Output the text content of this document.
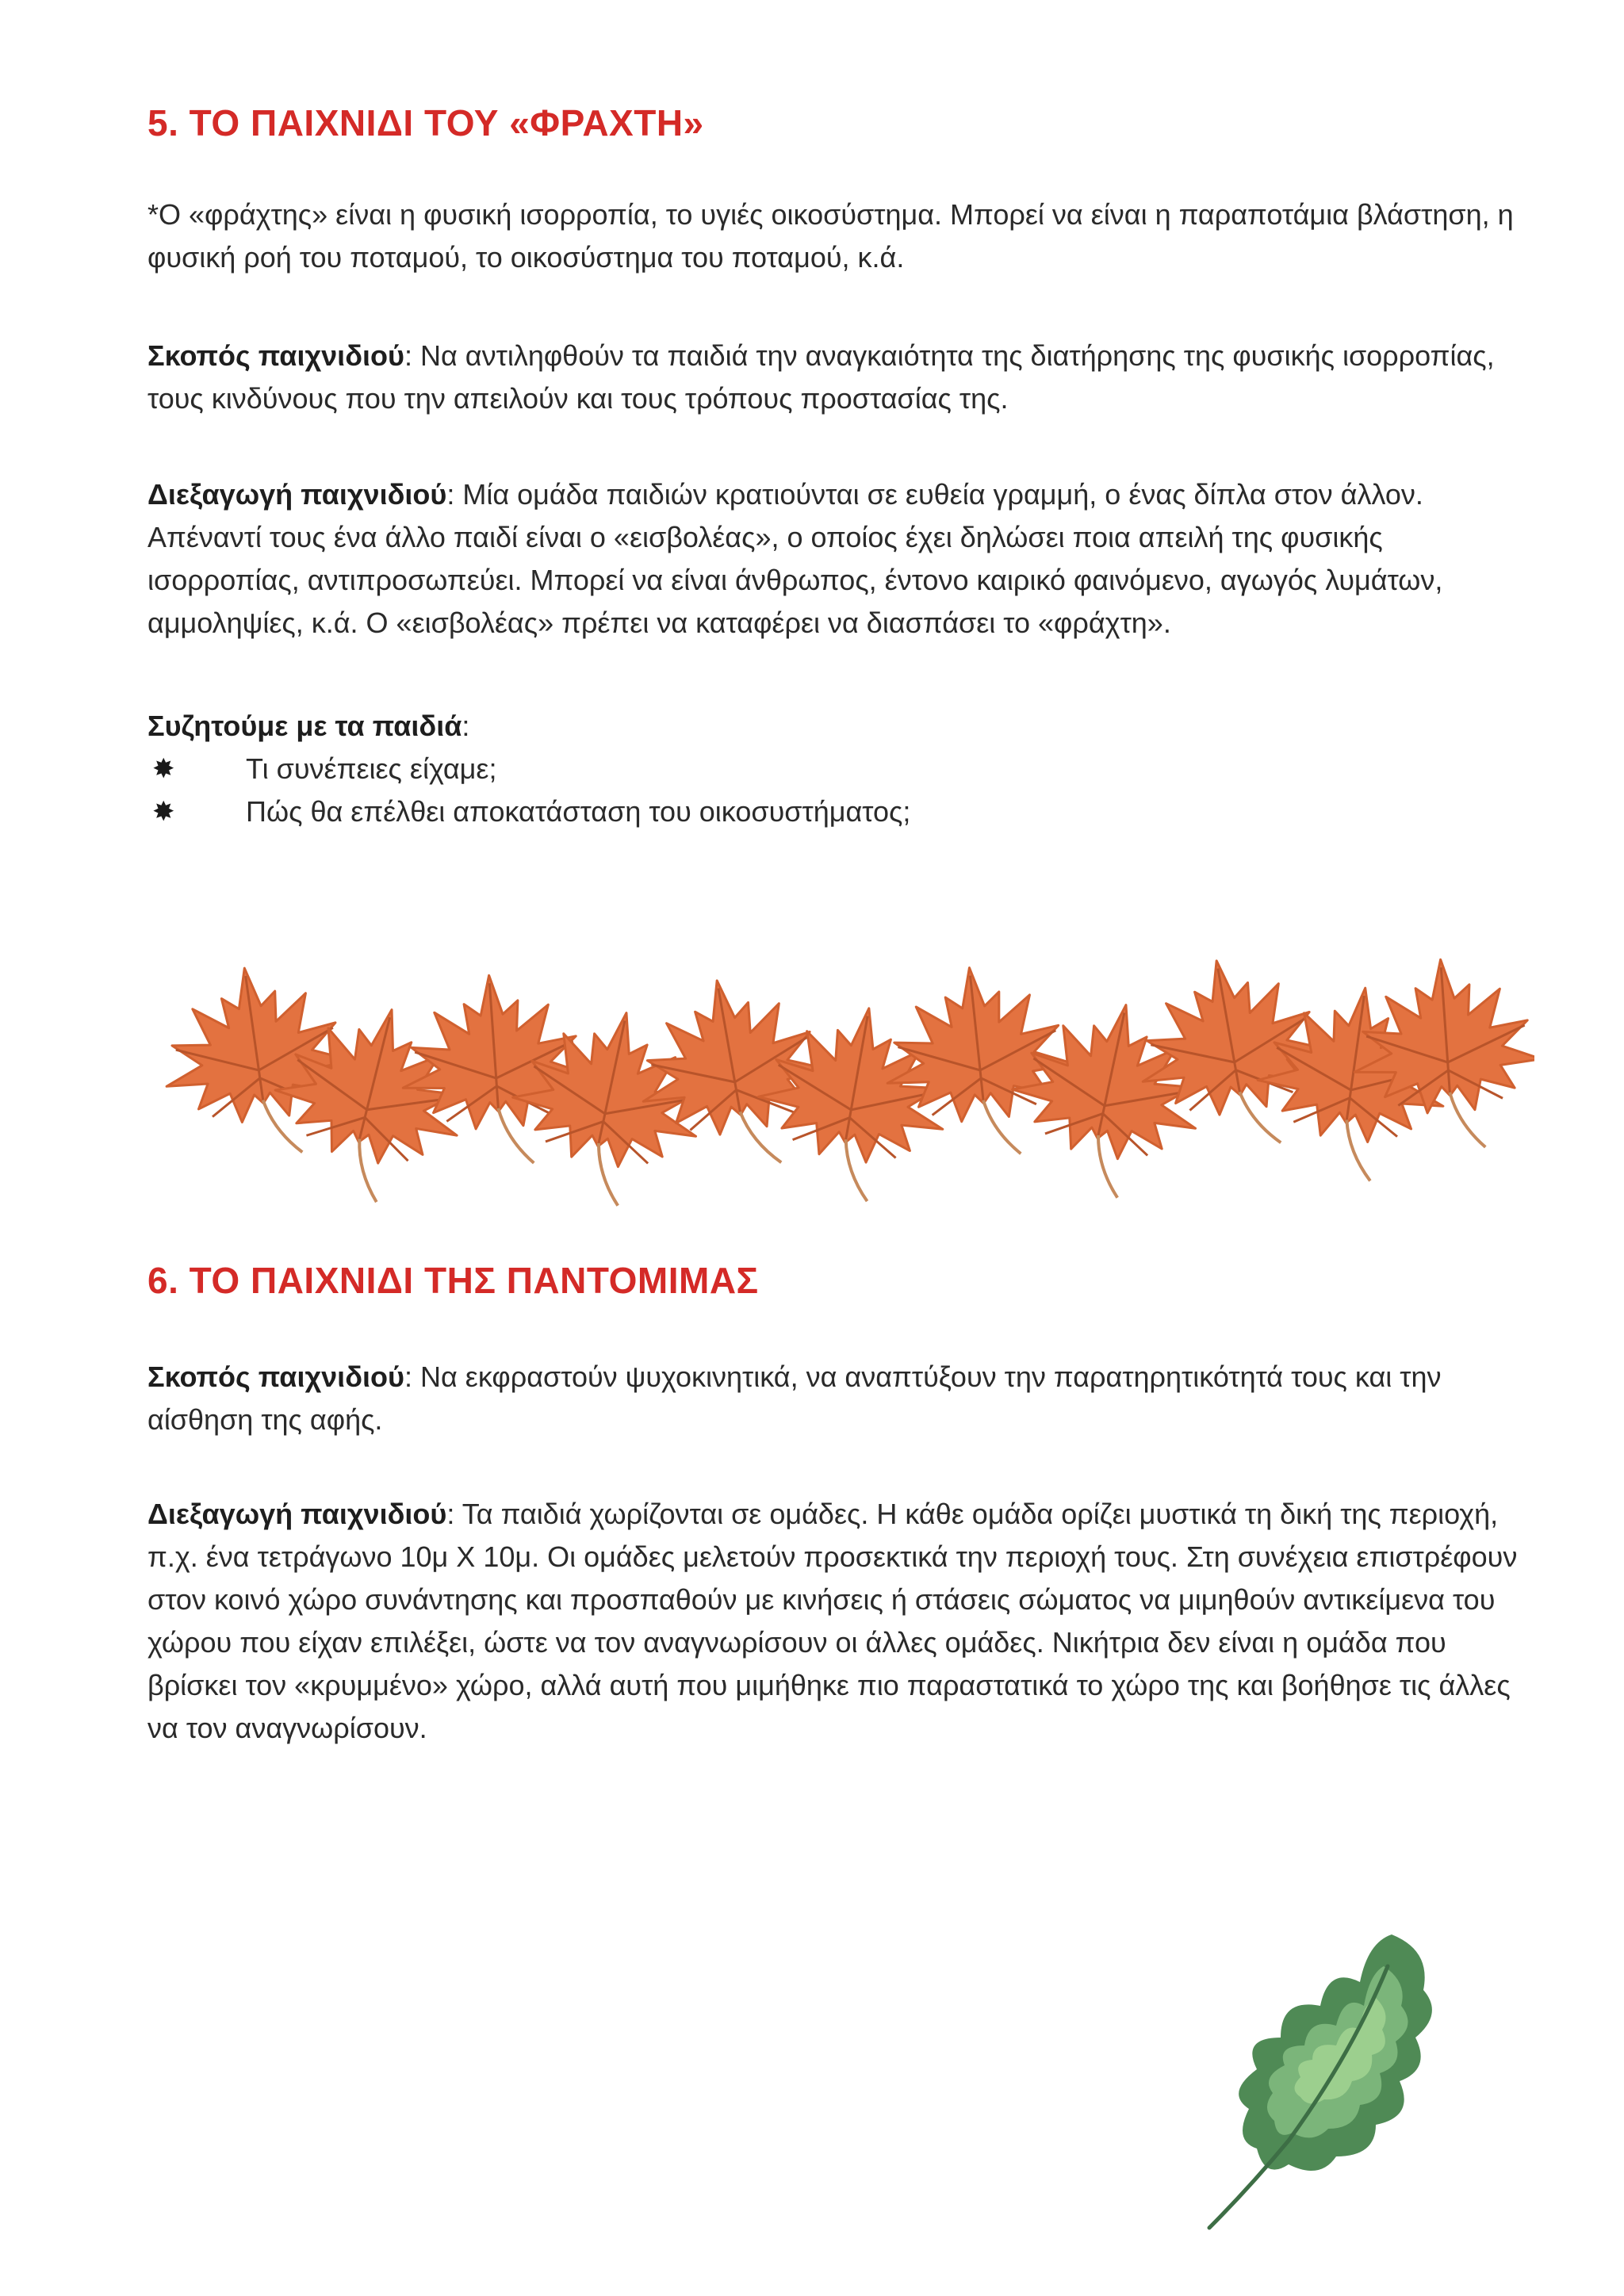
5. ΤΟ ΠΑΙΧΝΙΔΙ ΤΟΥ «ΦΡΑΧΤΗ»

*Ο «φράχτης» είναι η φυσική ισορροπία, το υγιές οικοσύστημα. Μπορεί να είναι η παραποτάμια βλάστηση, η φυσική ροή του ποταμού, το οικοσύστημα του ποταμού, κ.ά.

Σκοπός παιχνιδιού: Να αντιληφθούν τα παιδιά την αναγκαιότητα της διατήρησης της φυσικής ισορροπίας, τους κινδύνους που την απειλούν και τους τρόπους προστασίας της.

Διεξαγωγή παιχνιδιού: Μία ομάδα παιδιών κρατιούνται σε ευθεία γραμμή, ο ένας δίπλα στον άλλον. Απέναντί τους ένα άλλο παιδί είναι ο «εισβολέας», ο οποίος έχει δηλώσει ποια απειλή της φυσικής ισορροπίας, αντιπροσωπεύει. Μπορεί να είναι άνθρωπος, έντονο καιρικό φαινόμενο, αγωγός λυμάτων, αμμοληψίες, κ.ά. Ο «εισβολέας» πρέπει να καταφέρει να διασπάσει το «φράχτη».

Συζητούμε με τα παιδιά:

✸ Τι συνέπειες είχαμε;
✸ Πώς θα επέλθει αποκατάσταση του οικοσυστήματος;
6. ΤΟ ΠΑΙΧΝΙΔΙ ΤΗΣ ΠΑΝΤΟΜΙΜΑΣ

Σκοπός παιχνιδιού: Να εκφραστούν ψυχοκινητικά, να αναπτύξουν την παρατηρητικότητά τους και την αίσθηση της αφής.

Διεξαγωγή παιχνιδιού: Τα παιδιά χωρίζονται σε ομάδες. Η κάθε ομάδα ορίζει μυστικά τη δική της περιοχή, π.χ. ένα τετράγωνο 10μ Χ 10μ. Οι ομάδες μελετούν προσεκτικά την περιοχή τους. Στη συνέχεια επιστρέφουν στον κοινό χώρο συνάντησης και προσπαθούν με κινήσεις ή στάσεις σώματος να μιμηθούν αντικείμενα του χώρου που είχαν επιλέξει, ώστε να τον αναγνωρίσουν οι άλλες ομάδες. Νικήτρια δεν είναι η ομάδα που βρίσκει τον «κρυμμένο» χώρο, αλλά αυτή που μιμήθηκε πιο παραστατικά το χώρο της και βοήθησε τις άλλες να τον αναγνωρίσουν.
